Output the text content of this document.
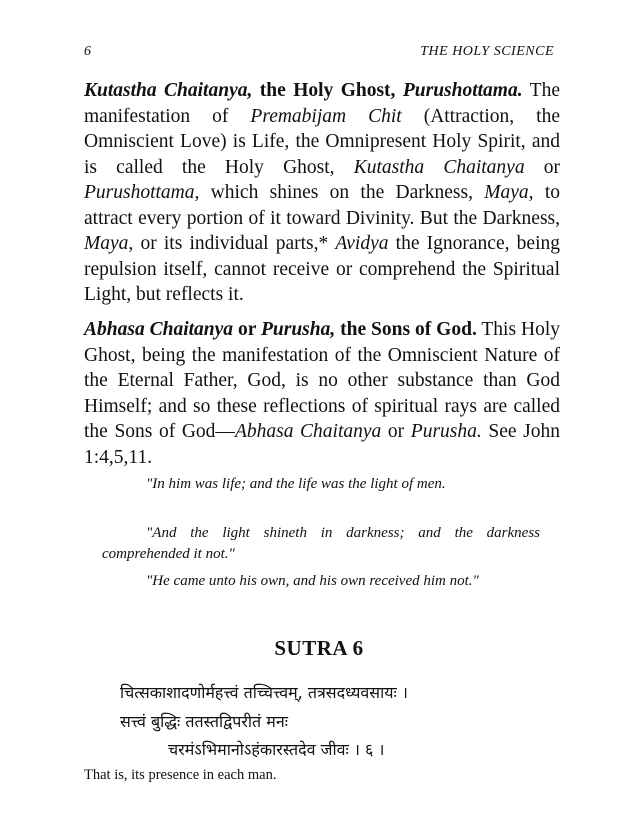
6	THE HOLY SCIENCE

Kutastha Chaitanya, the Holy Ghost, Purushottama. The manifestation of Premabijam Chit (Attraction, the Omniscient Love) is Life, the Omnipresent Holy Spirit, and is called the Holy Ghost, Kutastha Chaitanya or Purushottama, which shines on the Darkness, Maya, to attract every portion of it toward Divinity. But the Darkness, Maya, or its individual parts,* Avidya the Ignorance, being repulsion itself, cannot receive or comprehend the Spiritual Light, but reflects it.

Abhasa Chaitanya or Purusha, the Sons of God. This Holy Ghost, being the manifestation of the Omniscient Nature of the Eternal Father, God, is no other substance than God Himself; and so these reflections of spiritual rays are called the Sons of God—Abhasa Chaitanya or Purusha. See John 1:4,5,11.

"In him was life; and the life was the light of men.

"And the light shineth in darkness; and the darkness comprehended it not."

"He came unto his own, and his own received him not."

SUTRA 6

चित्सकाशादणोर्महत्त्वं तच्चित्त्वम्, तत्रसदध्यवसायः ।

सत्त्वं बुद्धिः ततस्तद्विपरीतं मनः

चरमंऽभिमानोऽहंकारस्तदेव जीवः । ६ ।

That is, its presence in each man.
